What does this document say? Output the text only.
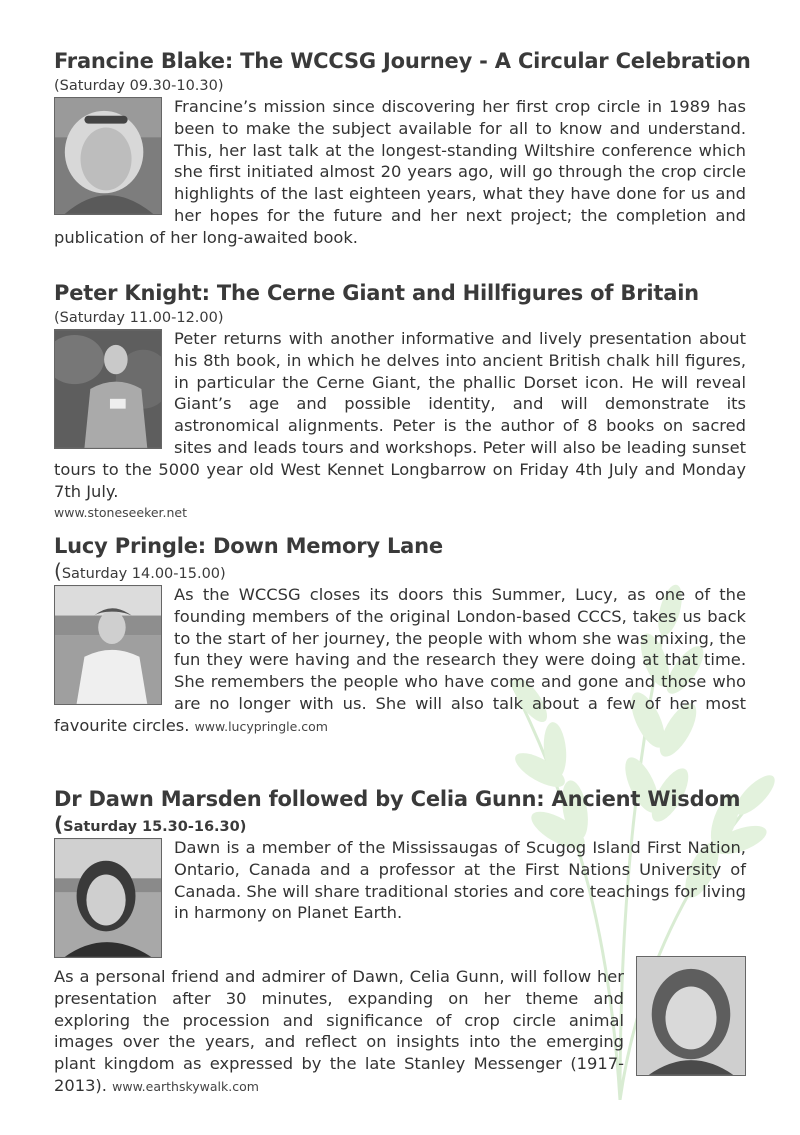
Francine Blake: The WCCSG Journey - A Circular Celebration
(Saturday 09.30-10.30)

Francine’s mission since discovering her first crop circle in 1989 has been to make the subject available for all to know and understand. This, her last talk at the longest-standing Wiltshire conference which she first initiated almost 20 years ago, will go through the crop circle highlights of the last eighteen years, what they have done for us and her hopes for the future and her next project; the completion and publication of her long-awaited book.

Peter Knight: The Cerne Giant and Hillfigures of Britain
(Saturday 11.00-12.00)

Peter returns with another informative and lively presentation about his 8th book, in which he delves into ancient British chalk hill figures, in particular the Cerne Giant, the phallic Dorset icon. He will reveal Giant’s age and possible identity, and will demonstrate its astronomical alignments. Peter is the author of 8 books on sacred sites and leads tours and workshops. Peter will also be leading sunset tours to the 5000 year old West Kennet Longbarrow on Friday 4th July and Monday 7th July.

www.stoneseeker.net
Lucy Pringle: Down Memory Lane
(Saturday 14.00-15.00)

As the WCCSG closes its doors this Summer, Lucy, as one of the founding members of the original London-based CCCS, takes us back to the start of her journey, the people with whom she was mixing, the fun they were having and the research they were doing at that time. She remembers the people who have come and gone and those who are no longer with us. She will also talk about a few of her most favourite circles. www.lucypringle.com

Dr Dawn Marsden followed by Celia Gunn: Ancient Wisdom
(Saturday 15.30-16.30)

Dawn is a member of the Mississaugas of Scugog Island First Nation, Ontario, Canada and a professor at the First Nations University of Canada. She will share traditional stories and core teachings for living in harmony on Planet Earth.

As a personal friend and admirer of Dawn, Celia Gunn, will follow her presentation after 30 minutes, expanding on her theme and exploring the procession and significance of crop circle animal images over the years, and reflect on insights into the emerging plant kingdom as expressed by the late Stanley Messenger (1917-2013). www.earthskywalk.com
